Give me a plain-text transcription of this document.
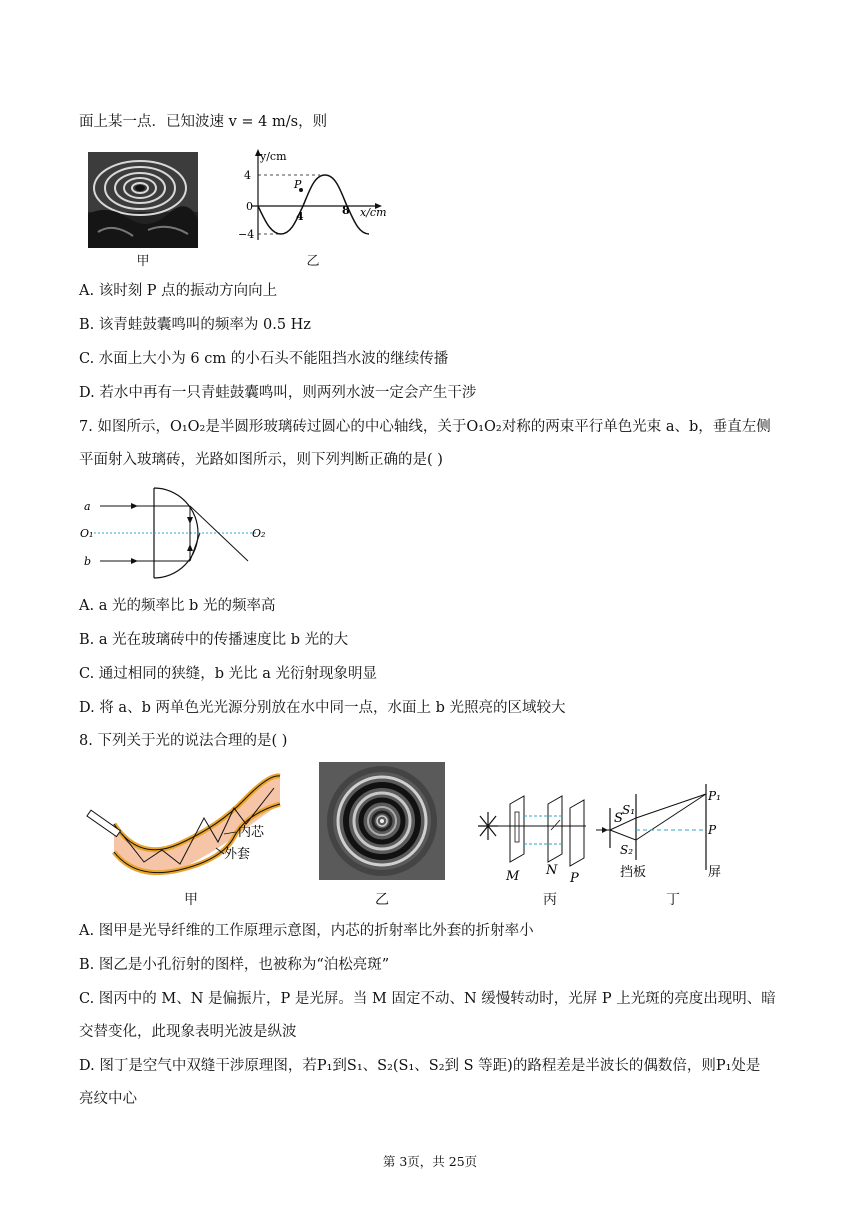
面上某一点．已知波速 v = 4 m/s，则
甲
y/cm
4
0
−4
P
4	8 x/cm
乙
A. 该时刻 P 点的振动方向向上
B. 该青蛙鼓囊鸣叫的频率为 0.5 Hz
C. 水面上大小为 6 cm 的小石头不能阻挡水波的继续传播
D. 若水中再有一只青蛙鼓囊鸣叫，则两列水波一定会产生干涉
7. 如图所示，O₁O₂是半圆形玻璃砖过圆心的中心轴线，关于O₁O₂对称的两束平行单色光束 a、b，垂直左侧
平面射入玻璃砖，光路如图所示，则下列判断正确的是( )
a
b
O₁	O₂
A. a 光的频率比 b 光的频率高
B. a 光在玻璃砖中的传播速度比 b 光的大
C. 通过相同的狭缝，b 光比 a 光衍射现象明显
D. 将 a、b 两单色光光源分别放在水中同一点，水面上 b 光照亮的区域较大
8. 下列关于光的说法合理的是( )
内芯
外套
甲	乙
M N
P
丙
S
S₁
S₂
P₁
P
挡板	屏
丁
A. 图甲是光导纤维的工作原理示意图，内芯的折射率比外套的折射率小
B. 图乙是小孔衍射的图样，也被称为“泊松亮斑”
C. 图丙中的 M、N 是偏振片，P 是光屏。当 M 固定不动、N 缓慢转动时，光屏 P 上光斑的亮度出现明、暗
交替变化，此现象表明光波是纵波
D. 图丁是空气中双缝干涉原理图，若P₁到S₁、S₂(S₁、S₂到 S 等距)的路程差是半波长的偶数倍，则P₁处是
亮纹中心
第 3页，共 25页
